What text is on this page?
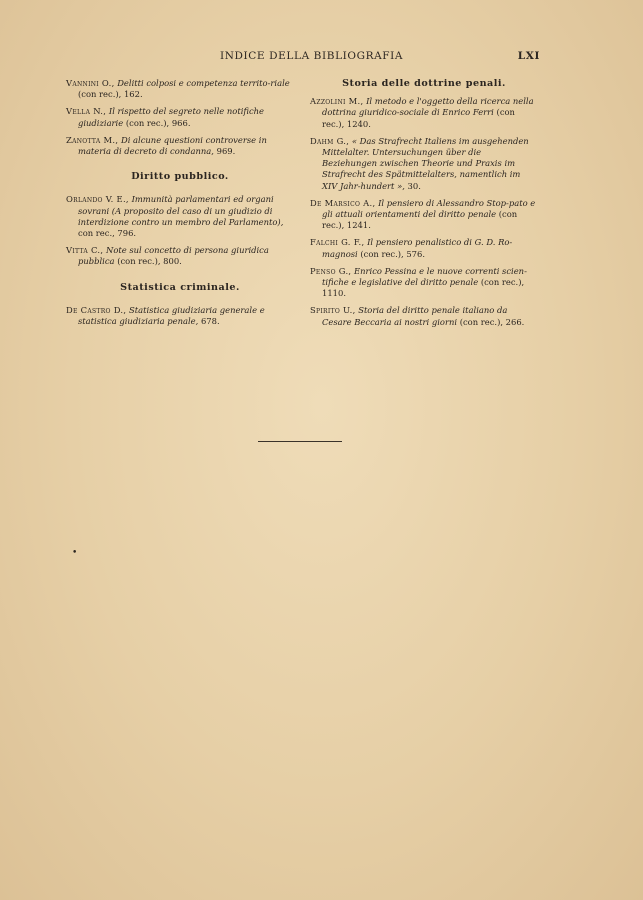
INDICE DELLA BIBLIOGRAFIA	LXI

Vannini O., Delitti colposi e competenza territo-riale (con rec.), 162.

Vella N., Il rispetto del segreto nelle notifiche giudiziarie (con rec.), 966.

Zanotta M., Di alcune questioni controverse in materia di decreto di condanna, 969.

Diritto pubblico.

Orlando V. E., Immunità parlamentari ed organi sovrani (A proposito del caso di un giudizio di interdizione contro un membro del Parlamento), con rec., 796.

Vitta C., Note sul concetto di persona giuridica pubblica (con rec.), 800.

Statistica criminale.

De Castro D., Statistica giudiziaria generale e statistica giudiziaria penale, 678.

Storia delle dottrine penali.

Azzolini M., Il metodo e l'oggetto della ricerca nella dottrina giuridico-sociale di Enrico Ferri (con rec.), 1240.

Dahm G., « Das Strafrecht Italiens im ausgehenden Mittelalter. Untersuchungen über die Beziehungen zwischen Theorie und Praxis im Strafrecht des Spätmittelalters, namentlich im XIV Jahr-hundert », 30.

De Marsico A., Il pensiero di Alessandro Stop-pato e gli attuali orientamenti del diritto penale (con rec.), 1241.

Falchi G. F., Il pensiero penalistico di G. D. Ro-magnosi (con rec.), 576.

Penso G., Enrico Pessina e le nuove correnti scien-tifiche e legislative del diritto penale (con rec.), 1110.

Spirito U., Storia del diritto penale italiano da Cesare Beccaria ai nostri giorni (con rec.), 266.

•
